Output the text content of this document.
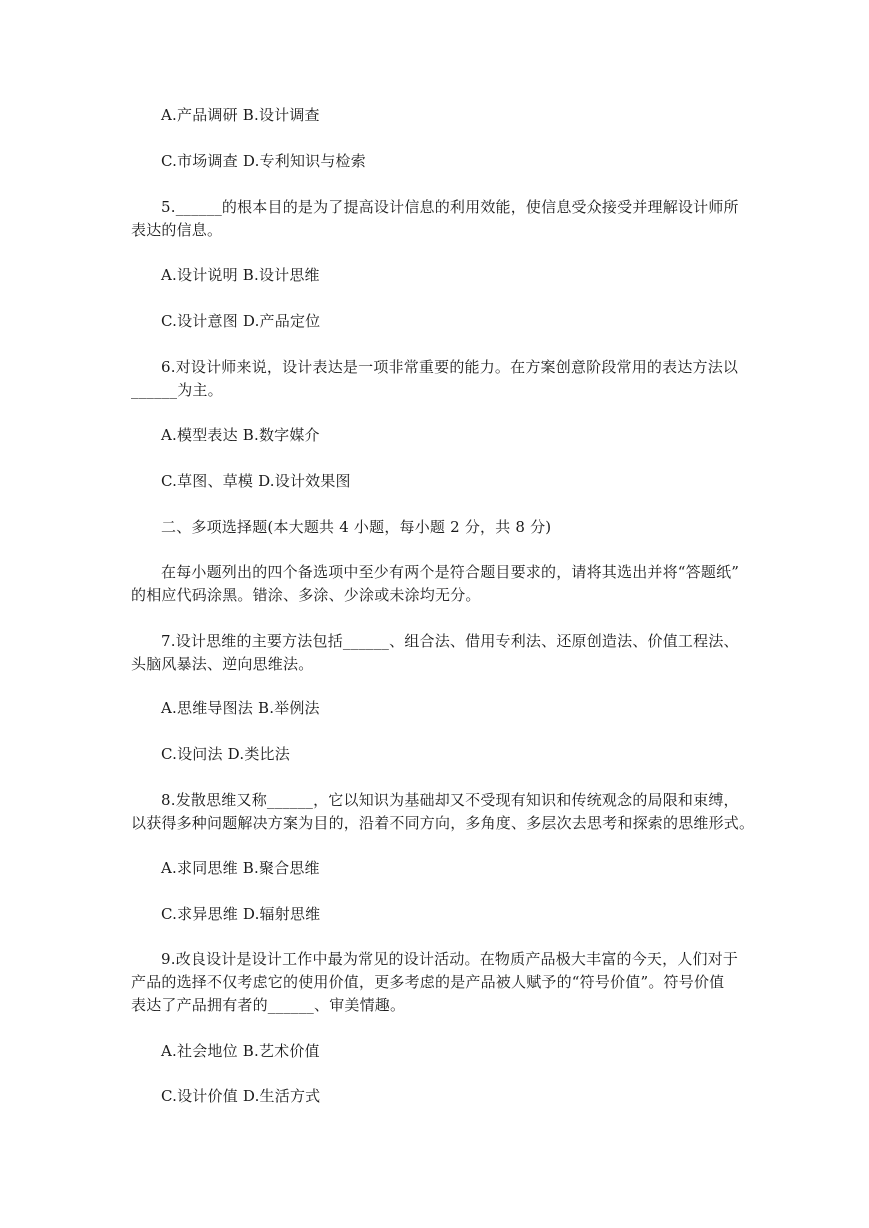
A.产品调研 B.设计调查

C.市场调查 D.专利知识与检索

5.______的根本目的是为了提高设计信息的利用效能，使信息受众接受并理解设计师所

表达的信息。

A.设计说明 B.设计思维

C.设计意图 D.产品定位

6.对设计师来说，设计表达是一项非常重要的能力。在方案创意阶段常用的表达方法以

______为主。

A.模型表达 B.数字媒介

C.草图、草模 D.设计效果图

二、多项选择题(本大题共 4 小题，每小题 2 分，共 8 分)

在每小题列出的四个备选项中至少有两个是符合题目要求的，请将其选出并将“答题纸”

的相应代码涂黑。错涂、多涂、少涂或未涂均无分。

7.设计思维的主要方法包括______、组合法、借用专利法、还原创造法、价值工程法、

头脑风暴法、逆向思维法。

A.思维导图法 B.举例法

C.设问法 D.类比法

8.发散思维又称______，它以知识为基础却又不受现有知识和传统观念的局限和束缚，

以获得多种问题解决方案为目的，沿着不同方向，多角度、多层次去思考和探索的思维形式。

A.求同思维 B.聚合思维

C.求异思维 D.辐射思维

9.改良设计是设计工作中最为常见的设计活动。在物质产品极大丰富的今天，人们对于

产品的选择不仅考虑它的使用价值，更多考虑的是产品被人赋予的“符号价值”。符号价值

表达了产品拥有者的______、审美情趣。

A.社会地位 B.艺术价值

C.设计价值 D.生活方式
